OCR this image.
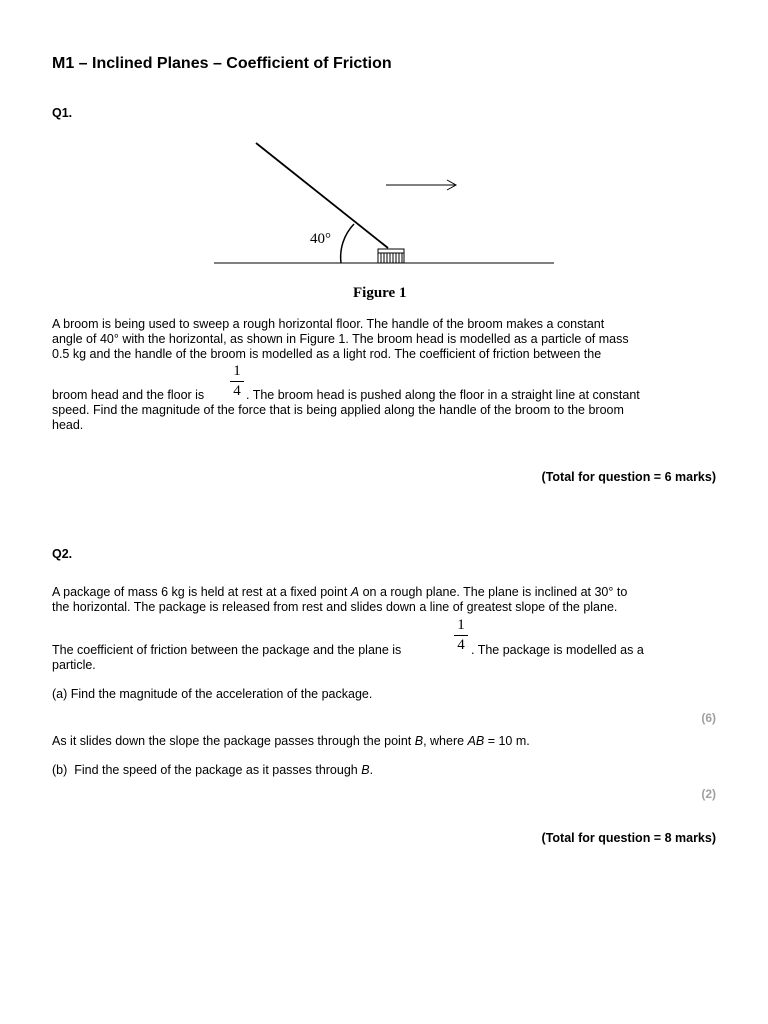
M1 – Inclined Planes – Coefficient of Friction
Q1.
40°
Figure 1
A broom is being used to sweep a rough horizontal floor. The handle of the broom makes a constant
angle of 40° with the horizontal, as shown in Figure 1. The broom head is modelled as a particle of mass
0.5 kg and the handle of the broom is modelled as a light rod. The coefficient of friction between the
1
4
broom head and the floor is	. The broom head is pushed along the floor in a straight line at constant
speed. Find the magnitude of the force that is being applied along the handle of the broom to the broom
head.
(Total for question = 6 marks)
Q2.
A package of mass 6 kg is held at rest at a fixed point A on a rough plane. The plane is inclined at 30° to
the horizontal. The package is released from rest and slides down a line of greatest slope of the plane.
1
4
The coefficient of friction between the package and the plane is	. The package is modelled as a
particle.
(a) Find the magnitude of the acceleration of the package.
(6)
As it slides down the slope the package passes through the point B, where AB = 10 m.
(b)  Find the speed of the package as it passes through B.
(2)
(Total for question = 8 marks)
